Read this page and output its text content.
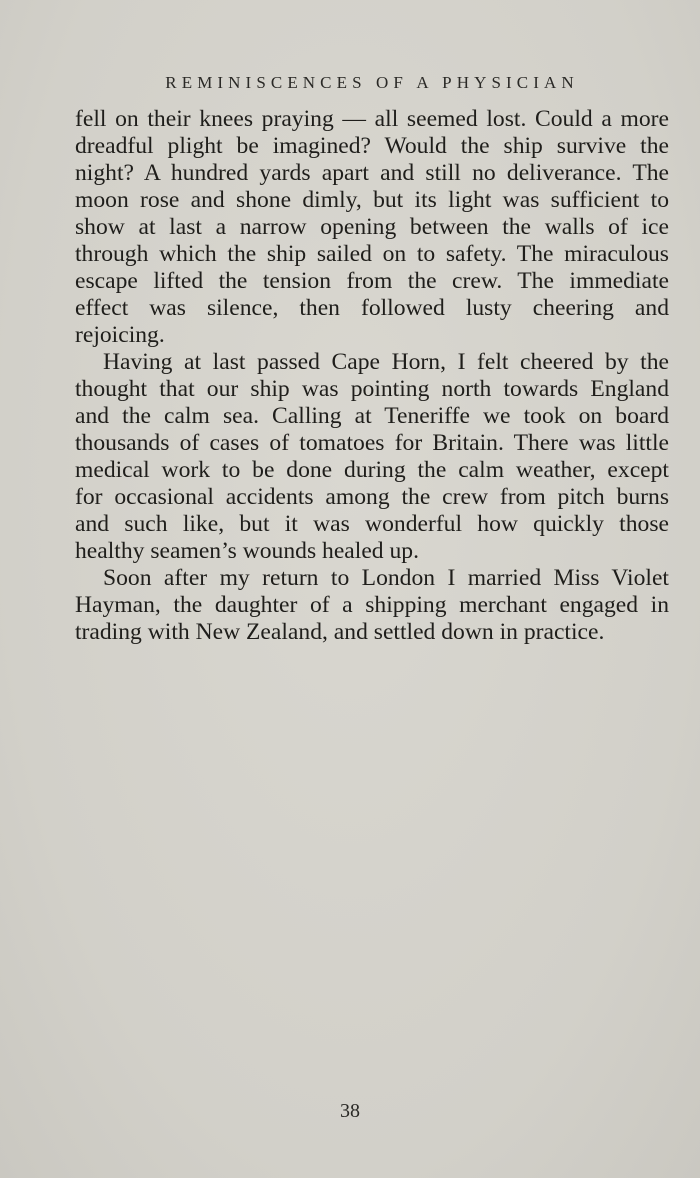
REMINISCENCES OF A PHYSICIAN

fell on their knees praying — all seemed lost. Could a more

dreadful plight be imagined? Would the ship survive the

night? A hundred yards apart and still no deliverance. The

moon rose and shone dimly, but its light was sufficient to

show at last a narrow opening between the walls of ice

through which the ship sailed on to safety. The miraculous

escape lifted the tension from the crew. The immediate

effect was silence, then followed lusty cheering and

rejoicing.

Having at last passed Cape Horn, I felt cheered by the

thought that our ship was pointing north towards England

and the calm sea. Calling at Teneriffe we took on board

thousands of cases of tomatoes for Britain. There was little

medical work to be done during the calm weather, except

for occasional accidents among the crew from pitch burns

and such like, but it was wonderful how quickly those

healthy seamen’s wounds healed up.

Soon after my return to London I married Miss Violet

Hayman, the daughter of a shipping merchant engaged in

trading with New Zealand, and settled down in practice.

38
